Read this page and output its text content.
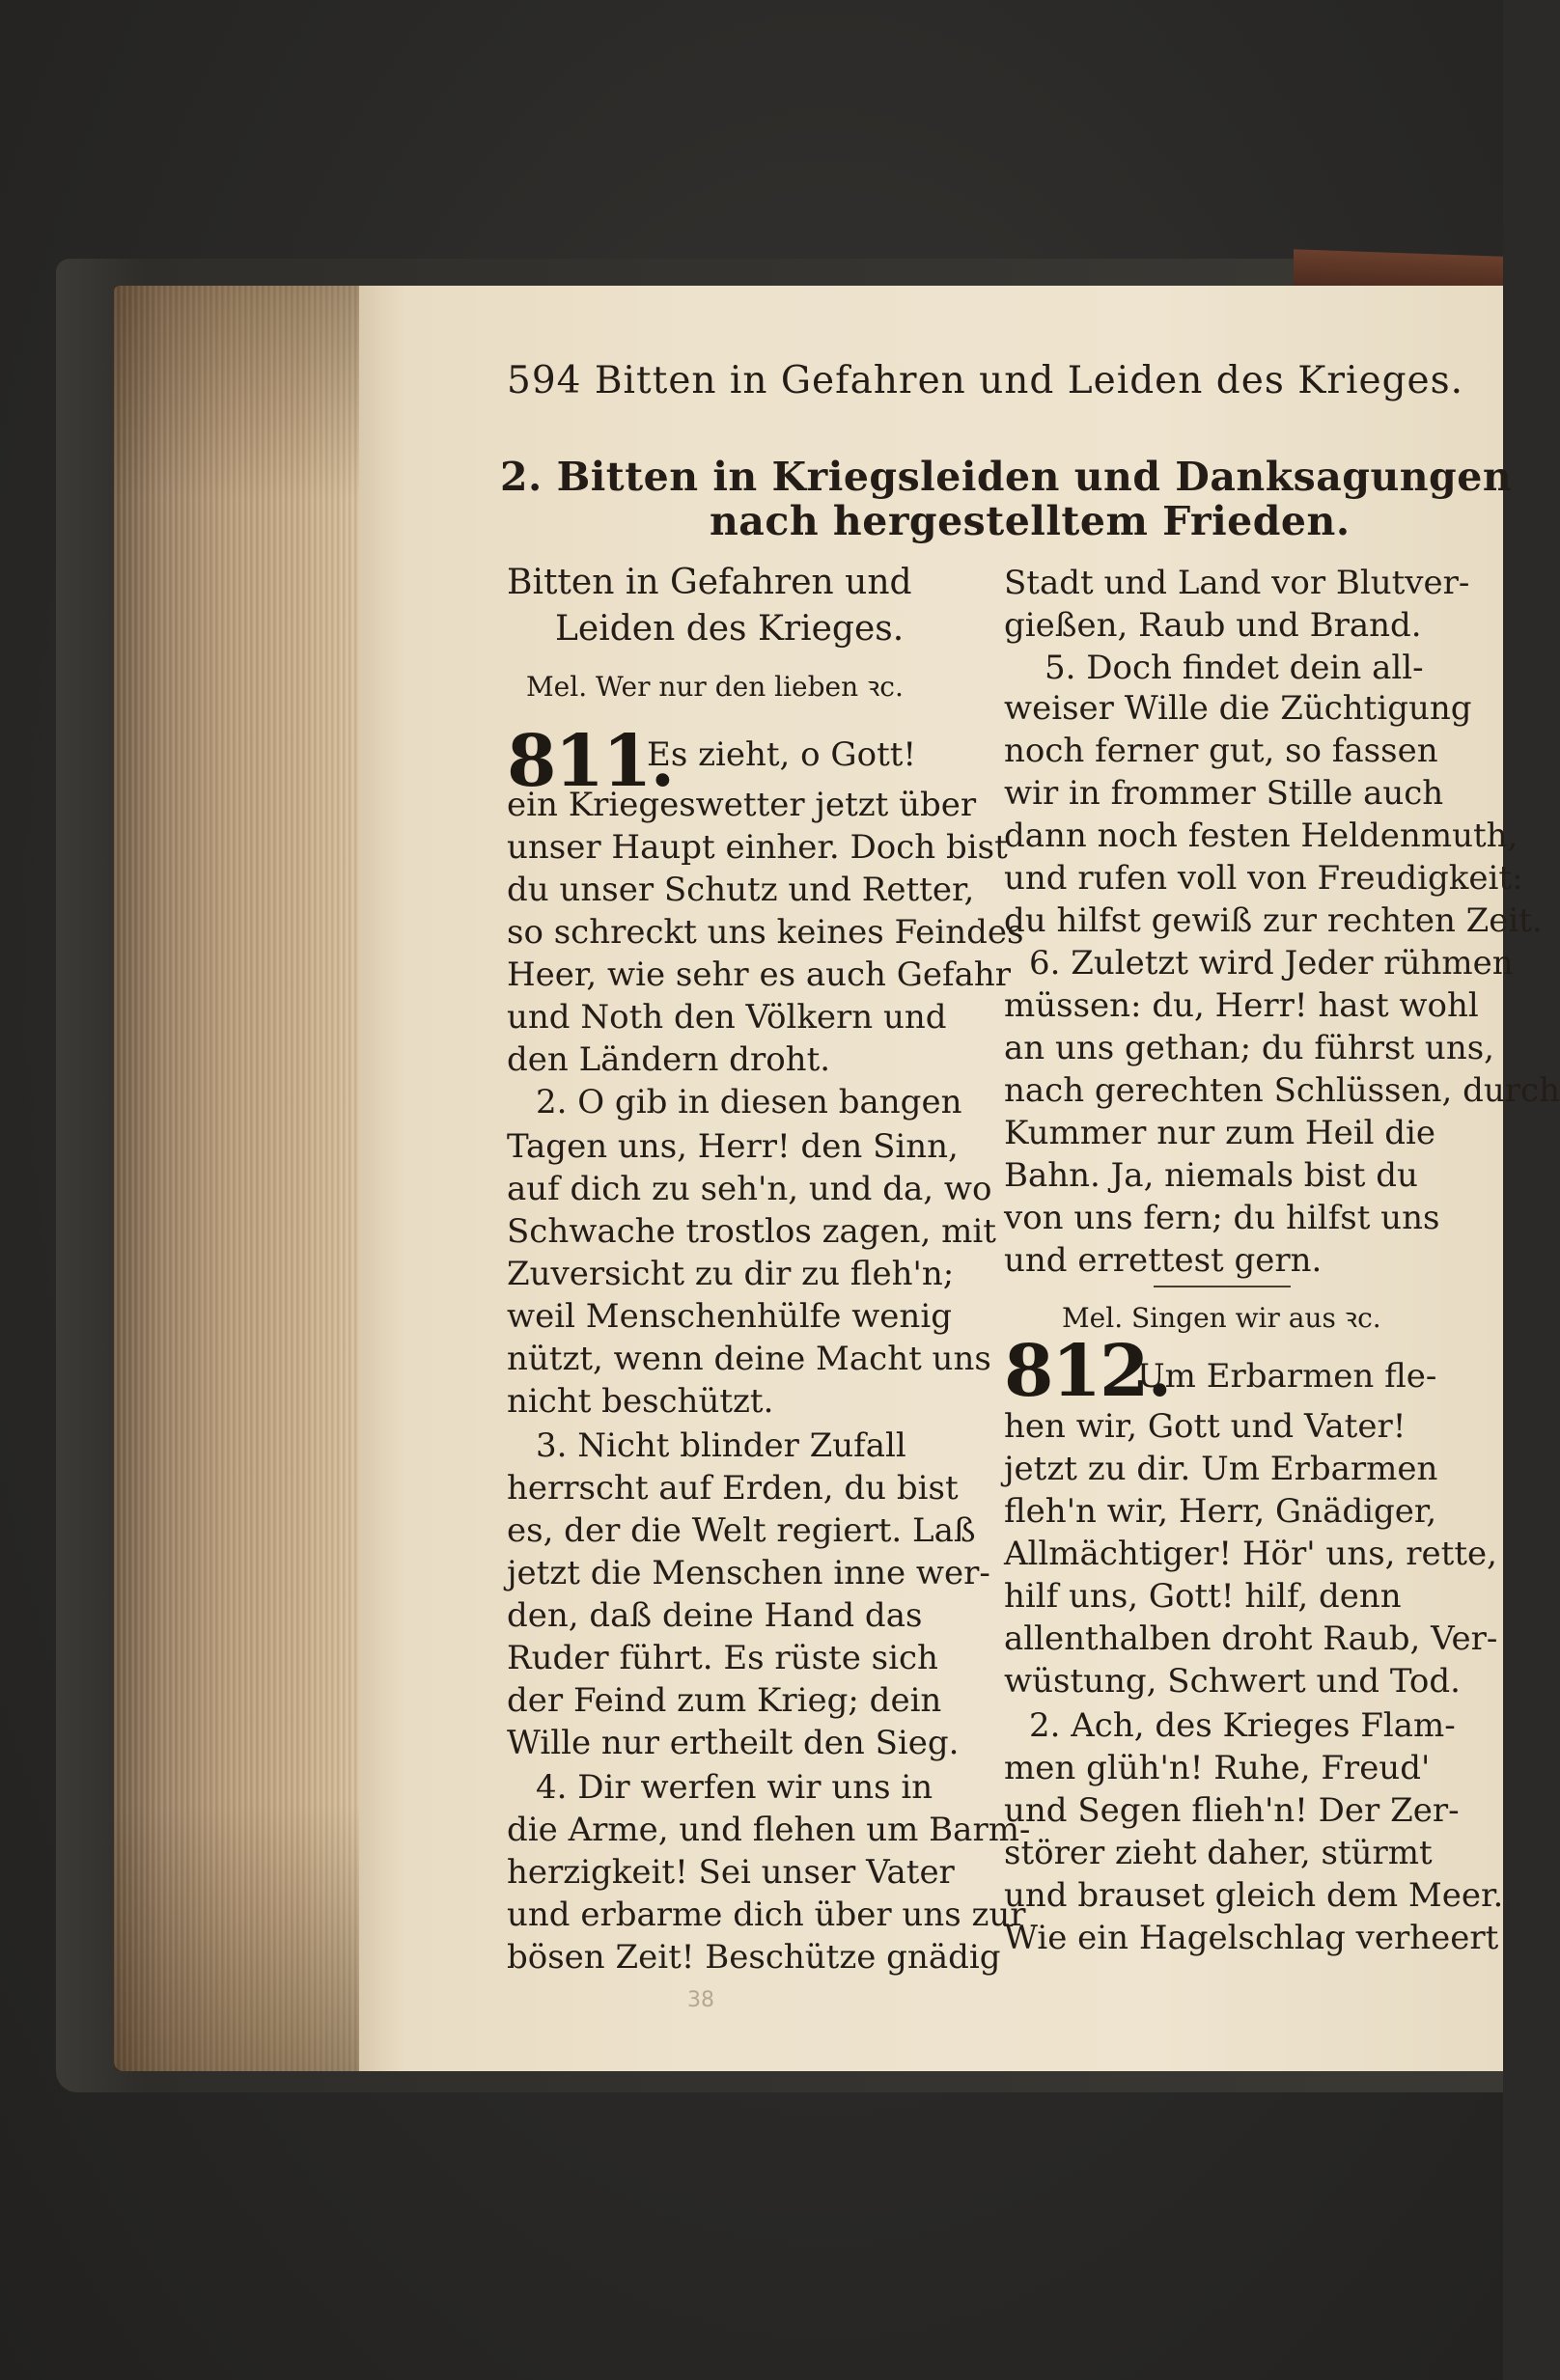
594 Bitten in Gefahren und Leiden des Krieges.
2. Bitten in Kriegsleiden und Danksagungen
nach hergestelltem Frieden.
811.
812.
38
Bitten in Gefahren und
Leiden des Krieges.
Mel. Wer nur den lieben ꝛc.
Es zieht, o Gott!
ein Kriegeswetter jetzt über
unser Haupt einher. Doch bist
du unser Schutz und Retter,
so schreckt uns keines Feindes
Heer, wie sehr es auch Gefahr
und Noth den Völkern und
den Ländern droht.
2. O gib in diesen bangen
Tagen uns, Herr! den Sinn,
auf dich zu seh'n, und da, wo
Schwache trostlos zagen, mit
Zuversicht zu dir zu fleh'n;
weil Menschenhülfe wenig
nützt, wenn deine Macht uns
nicht beschützt.
3. Nicht blinder Zufall
herrscht auf Erden, du bist
es, der die Welt regiert. Laß
jetzt die Menschen inne wer-
den, daß deine Hand das
Ruder führt. Es rüste sich
der Feind zum Krieg; dein
Wille nur ertheilt den Sieg.
4. Dir werfen wir uns in
die Arme, und flehen um Barm-
herzigkeit! Sei unser Vater
und erbarme dich über uns zur
bösen Zeit! Beschütze gnädig
Stadt und Land vor Blutver-
gießen, Raub und Brand.
5. Doch findet dein all-
weiser Wille die Züchtigung
noch ferner gut, so fassen
wir in frommer Stille auch
dann noch festen Heldenmuth,
und rufen voll von Freudigkeit:
du hilfst gewiß zur rechten Zeit.
6. Zuletzt wird Jeder rühmen
müssen: du, Herr! hast wohl
an uns gethan; du führst uns,
nach gerechten Schlüssen, durch
Kummer nur zum Heil die
Bahn. Ja, niemals bist du
von uns fern; du hilfst uns
und errettest gern.
Mel. Singen wir aus ꝛc.
Um Erbarmen fle-
hen wir, Gott und Vater!
jetzt zu dir. Um Erbarmen
fleh'n wir, Herr, Gnädiger,
Allmächtiger! Hör' uns, rette,
hilf uns, Gott! hilf, denn
allenthalben droht Raub, Ver-
wüstung, Schwert und Tod.
2. Ach, des Krieges Flam-
men glüh'n! Ruhe, Freud'
und Segen flieh'n! Der Zer-
störer zieht daher, stürmt
und brauset gleich dem Meer.
Wie ein Hagelschlag verheert
